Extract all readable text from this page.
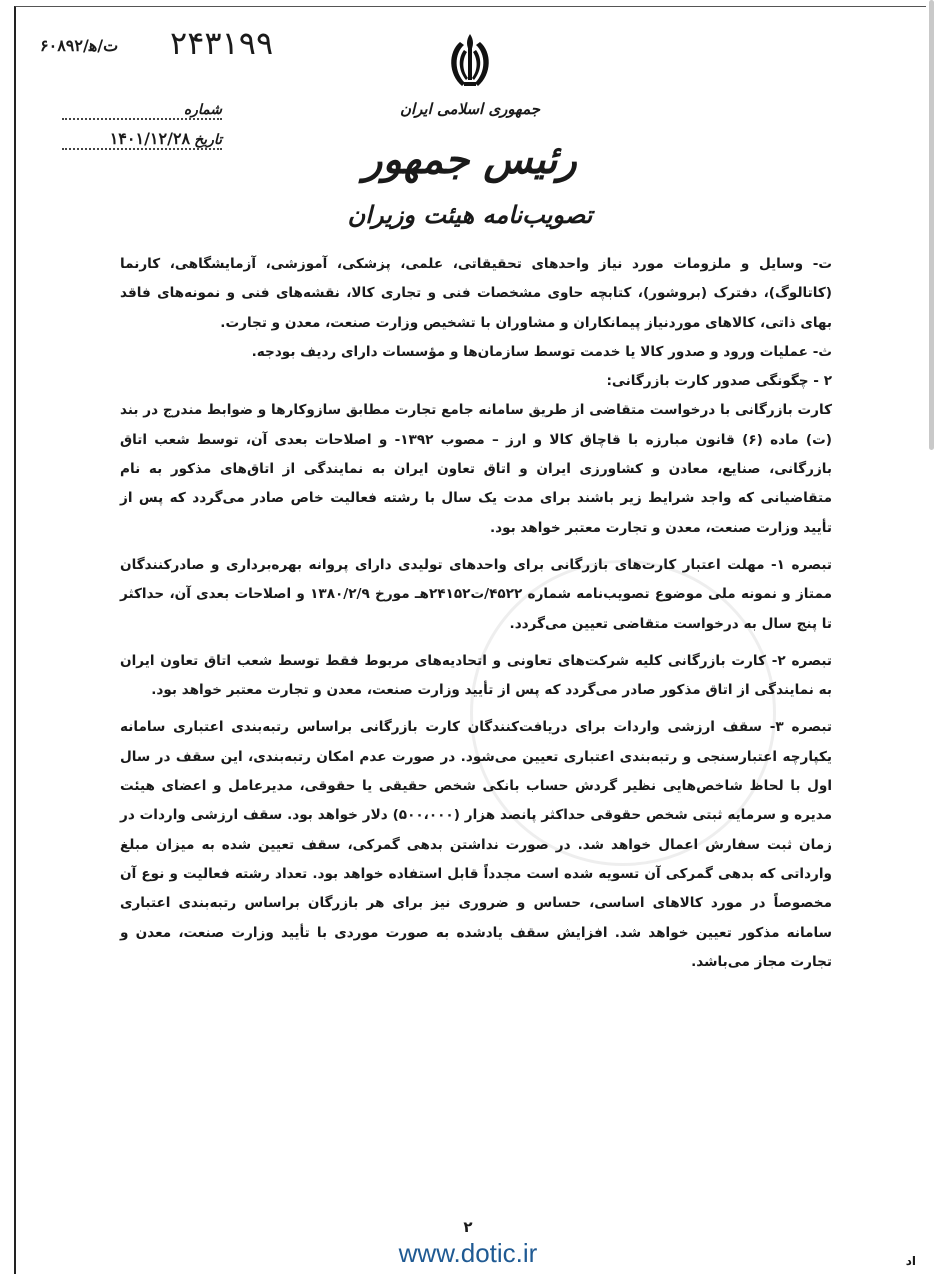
۶۰۸۹۲/ت/ه‍ ۲۴۳۱۹۹
شماره
تاریخ
۱۴۰۱/۱۲/۲۸
جمهوری اسلامی ایران
رئیس جمهور
تصویب‌نامه هیئت وزیران

ت- وسایل و ملزومات مورد نیاز واحدهای تحقیقاتی، علمی، پزشکی، آموزشی، آزمایشگاهی، کارنما (کاتالوگ)، دفترک (بروشور)، کتابچه حاوی مشخصات فنی و تجاری کالا، نقشه‌های فنی و نمونه‌های فاقد بهای ذاتی، کالاهای موردنیاز پیمانکاران و مشاوران با تشخیص وزارت صنعت، معدن و تجارت.

ث- عملیات ورود و صدور کالا یا خدمت توسط سازمان‌ها و مؤسسات دارای ردیف بودجه.

۲ - چگونگی صدور کارت بازرگانی:

کارت بازرگانی با درخواست متقاضی از طریق سامانه جامع تجارت مطابق سازوکارها و ضوابط مندرج در بند (ت) ماده (۶) قانون مبارزه با قاچاق کالا و ارز – مصوب ۱۳۹۲- و اصلاحات بعدی آن، توسط شعب اتاق بازرگانی، صنایع، معادن و کشاورزی ایران و اتاق تعاون ایران به نمایندگی از اتاق‌های مذکور به نام متقاضیانی که واجد شرایط زیر باشند برای مدت یک سال با رشته فعالیت خاص صادر می‌گردد که پس از تأیید وزارت صنعت، معدن و تجارت معتبر خواهد بود.

تبصره ۱- مهلت اعتبار کارت‌های بازرگانی برای واحدهای تولیدی دارای پروانه بهره‌برداری و صادرکنندگان ممتاز و نمونه ملی موضوع تصویب‌نامه شماره ۴۵۲۲/ت۲۴۱۵۲هـ مورخ ۱۳۸۰/۲/۹ و اصلاحات بعدی آن، حداکثر تا پنج سال به درخواست متقاضی تعیین می‌گردد.

تبصره ۲- کارت بازرگانی کلیه شرکت‌های تعاونی و اتحادیه‌های مربوط فقط توسط شعب اتاق تعاون ایران به نمایندگی از اتاق مذکور صادر می‌گردد که پس از تأیید وزارت صنعت، معدن و تجارت معتبر خواهد بود.

تبصره ۳- سقف ارزشی واردات برای دریافت‌کنندگان کارت بازرگانی براساس رتبه‌بندی اعتباری سامانه یکپارچه اعتبارسنجی و رتبه‌بندی اعتباری تعیین می‌شود. در صورت عدم امکان رتبه‌بندی، این سقف در سال اول با لحاظ شاخص‌هایی نظیر گردش حساب بانکی شخص حقیقی یا حقوقی، مدیرعامل و اعضای هیئت مدیره و سرمایه ثبتی شخص حقوقی حداکثر پانصد هزار (۵۰۰،۰۰۰) دلار خواهد بود. سقف ارزشی واردات در زمان ثبت سفارش اعمال خواهد شد. در صورت نداشتن بدهی گمرکی، سقف تعیین شده به میزان مبلغ وارداتی که بدهی گمرکی آن تسویه شده است مجدداً قابل استفاده خواهد بود. تعداد رشته فعالیت و نوع آن مخصوصاً در مورد کالاهای اساسی، حساس و ضروری نیز برای هر بازرگان براساس رتبه‌بندی اعتباری سامانه مذکور تعیین خواهد شد. افزایش سقف یادشده به صورت موردی با تأیید وزارت صنعت، معدن و تجارت مجاز می‌باشد.

۲
www.dotic.ir	اد
